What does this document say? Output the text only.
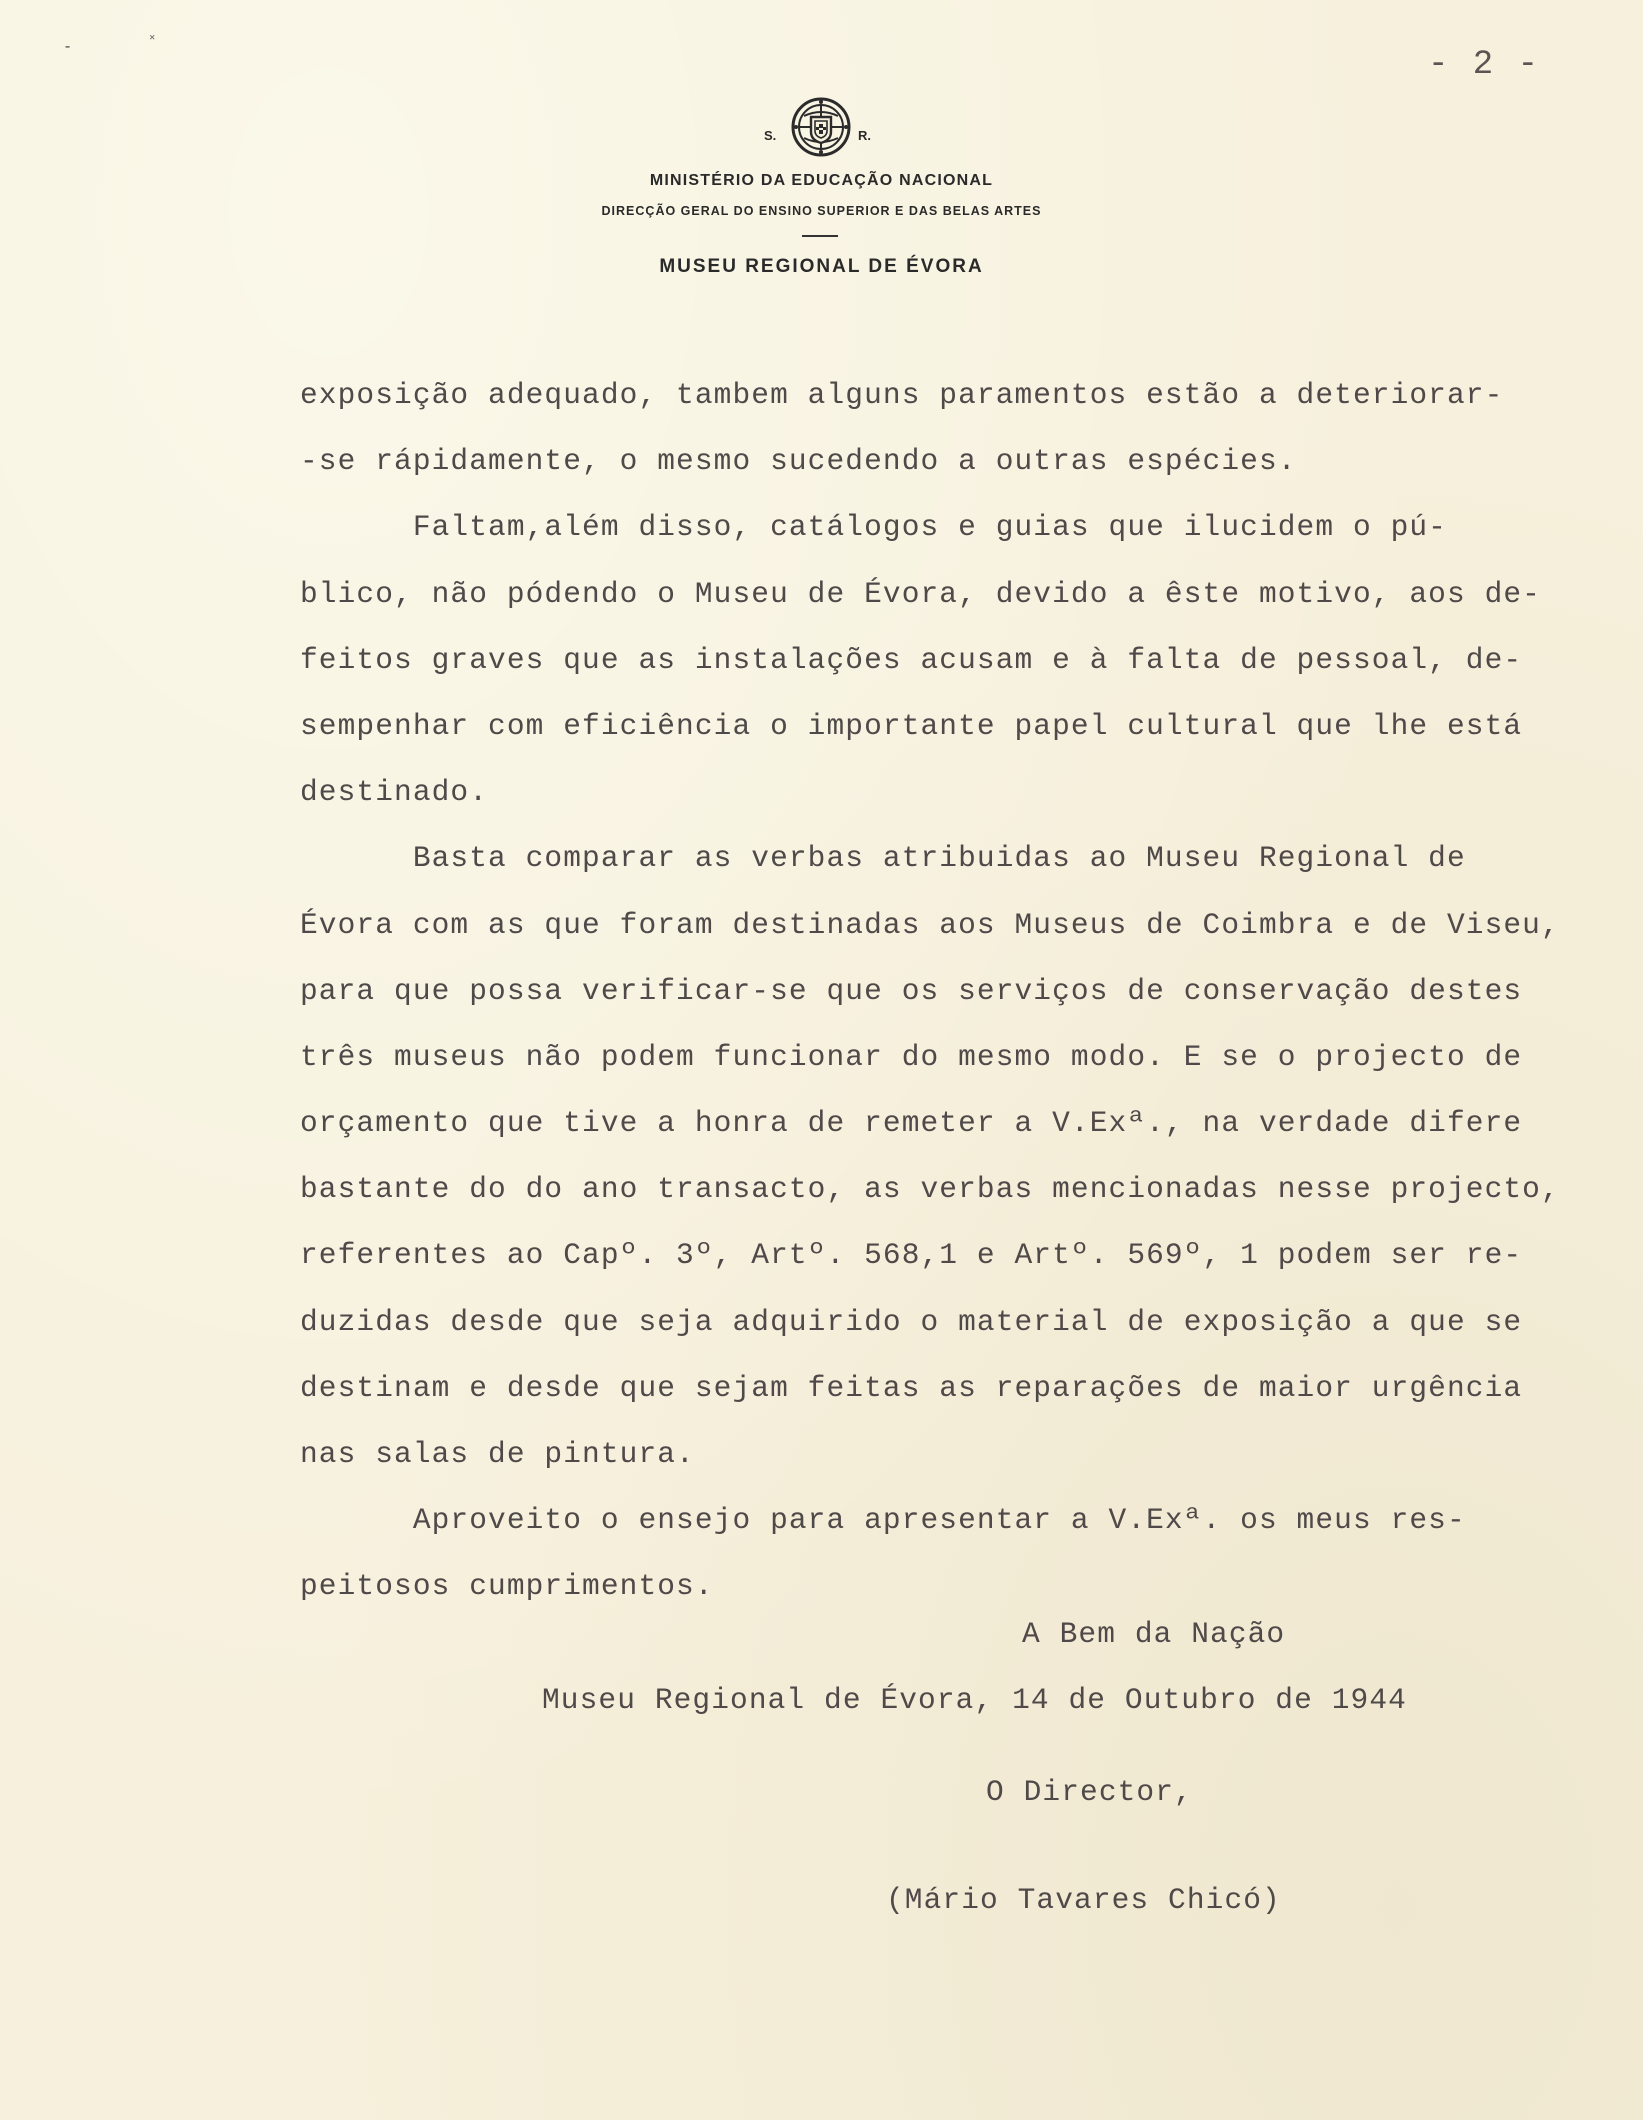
⁃	˟
- 2 -
S.	R.
MINISTÉRIO DA EDUCAÇÃO NACIONAL
DIRECÇÃO GERAL DO ENSINO SUPERIOR E DAS BELAS ARTES
MUSEU REGIONAL DE ÉVORA
exposição adequado, tambem alguns paramentos estão a deteriorar-
-se rápidamente, o mesmo sucedendo a outras espécies.
Faltam,além disso, catálogos e guias que ilucidem o pú-
blico, não pódendo o Museu de Évora, devido a êste motivo, aos de-
feitos graves que as instalações acusam e à falta de pessoal, de-
sempenhar com eficiência o importante papel cultural que lhe está
destinado.
Basta comparar as verbas atribuidas ao Museu Regional de
Évora com as que foram destinadas aos Museus de Coimbra e de Viseu,
para que possa verificar-se que os serviços de conservação destes
três museus não podem funcionar do mesmo modo. E se o projecto de
orçamento que tive a honra de remeter a V.Exª., na verdade difere
bastante do do ano transacto, as verbas mencionadas nesse projecto,
referentes ao Capº. 3º, Artº. 568,1 e Artº. 569º, 1 podem ser re-
duzidas desde que seja adquirido o material de exposição a que se
destinam e desde que sejam feitas as reparações de maior urgência
nas salas de pintura.
Aproveito o ensejo para apresentar a V.Exª. os meus res-
peitosos cumprimentos.
A Bem da Nação
Museu Regional de Évora, 14 de Outubro de 1944
O Director,
(Mário Tavares Chicó)
